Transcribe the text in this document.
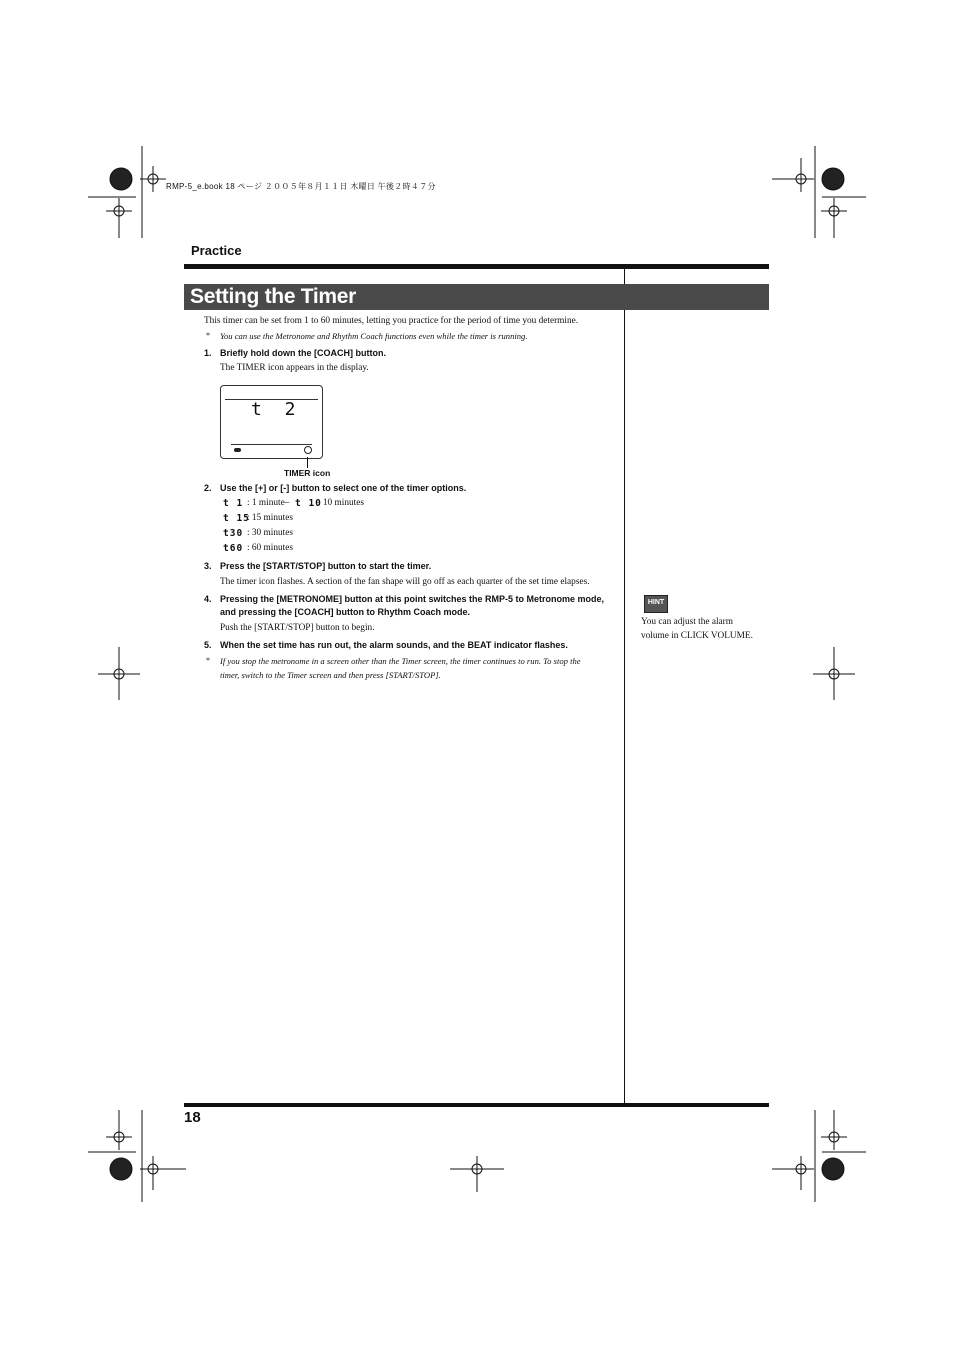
RMP-5_e.book 18 ページ ２００５年８月１１日 木曜日 午後２時４７分
Practice
Setting the Timer
This timer can be set from 1 to 60 minutes, letting you practice for the period of time you determine.
* You can use the Metronome and Rhythm Coach functions even while the timer is running.
1. Briefly hold down the [COACH] button.
The TIMER icon appears in the display.
t 2
TIMER icon
2. Use the [+] or [-] button to select one of the timer options.
t 1 : 1 minute– t 10
: 10 minutes
t 15
: 15 minutes
t30 : 30 minutes
t60 : 60 minutes
3. Press the [START/STOP] button to start the timer.
The timer icon flashes. A section of the fan shape will go off as each quarter of the set time elapses.
4. Pressing the [METRONOME] button at this point switches the RMP-5 to Metronome mode,
and pressing the [COACH] button to Rhythm Coach mode.
Push the [START/STOP] button to begin.
5. When the set time has run out, the alarm sounds, and the BEAT indicator flashes.
* If you stop the metronome in a screen other than the Timer screen, the timer continues to run. To stop the
timer, switch to the Timer screen and then press [START/STOP].
HINT
You can adjust the alarm
volume in CLICK VOLUME.
18
